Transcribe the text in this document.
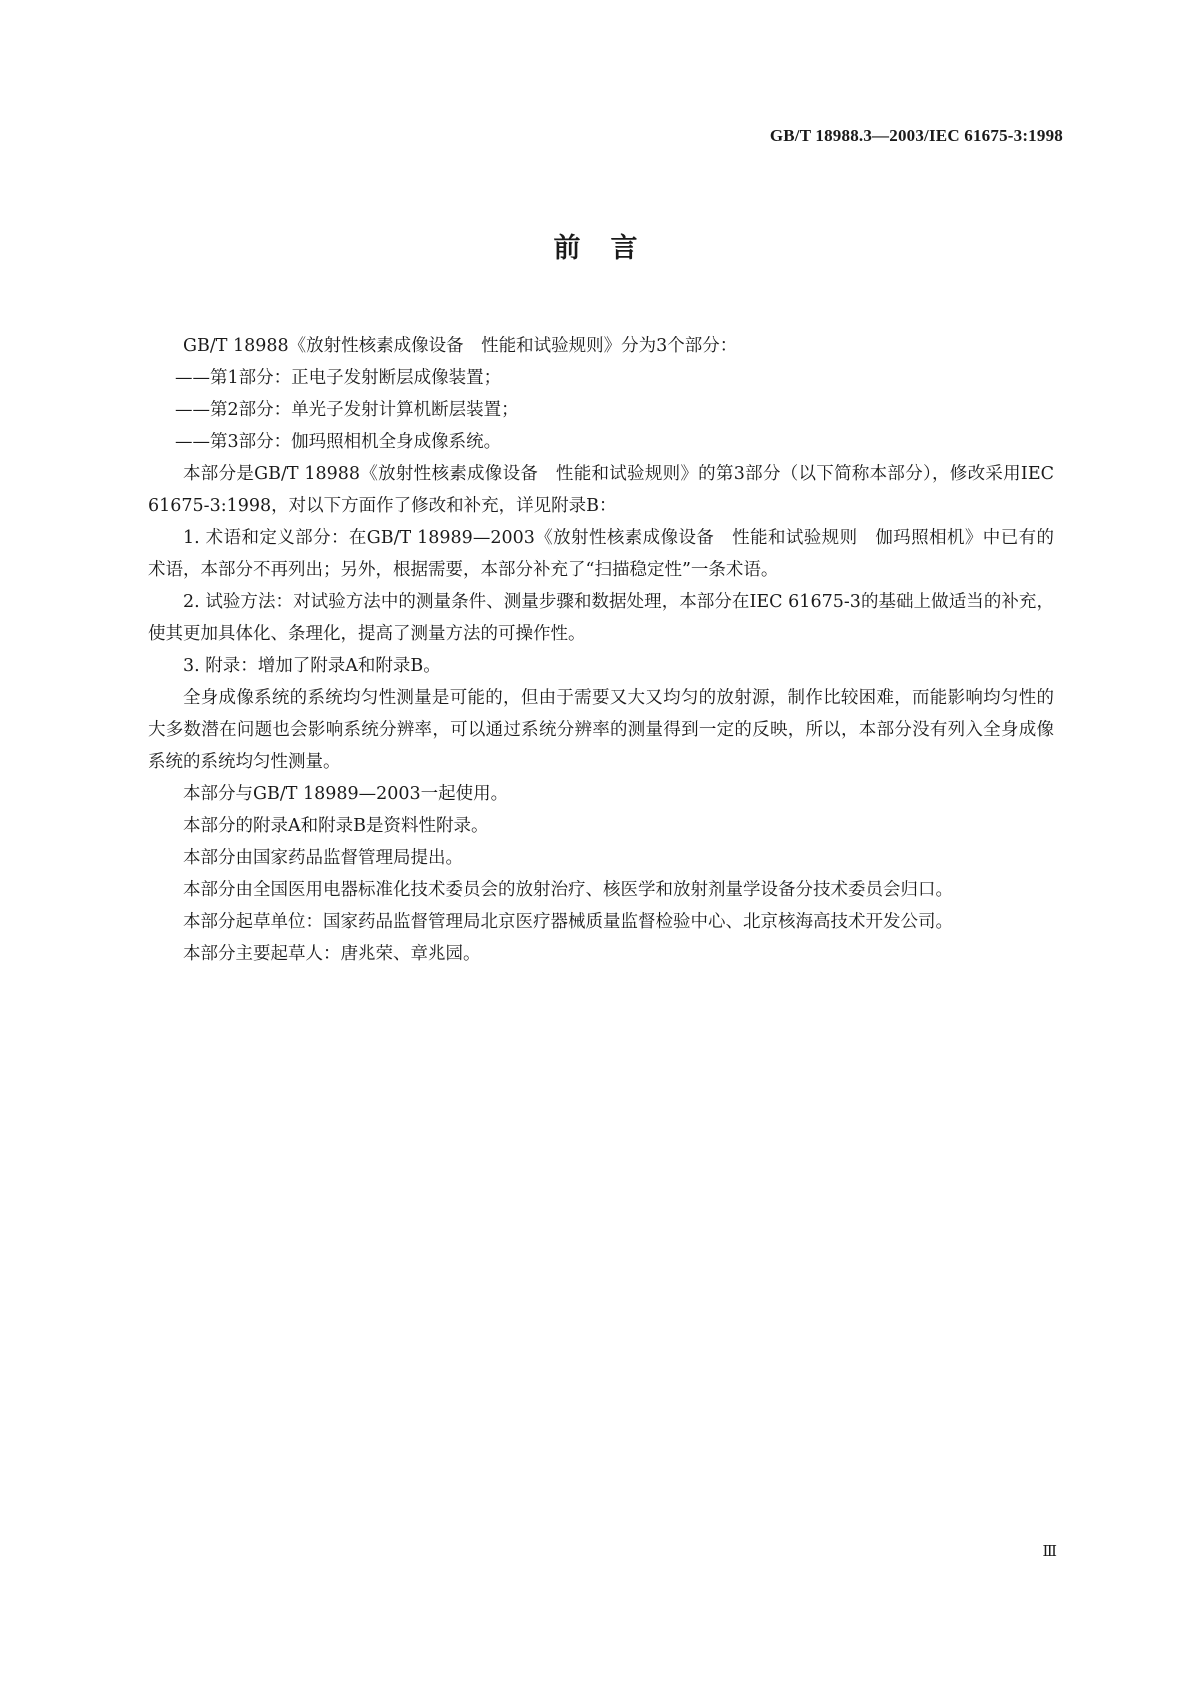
GB/T 18988.3—2003/IEC 61675-3:1998
前言

GB/T 18988《放射性核素成像设备　性能和试验规则》分为3个部分：

——第1部分：正电子发射断层成像装置；

——第2部分：单光子发射计算机断层装置；

——第3部分：伽玛照相机全身成像系统。

本部分是GB/T 18988《放射性核素成像设备　性能和试验规则》的第3部分（以下简称本部分），修改采用IEC 61675-3:1998，对以下方面作了修改和补充，详见附录B：

1. 术语和定义部分：在GB/T 18989—2003《放射性核素成像设备　性能和试验规则　伽玛照相机》中已有的术语，本部分不再列出；另外，根据需要，本部分补充了“扫描稳定性”一条术语。

2. 试验方法：对试验方法中的测量条件、测量步骤和数据处理，本部分在IEC 61675-3的基础上做适当的补充，使其更加具体化、条理化，提高了测量方法的可操作性。

3. 附录：增加了附录A和附录B。

全身成像系统的系统均匀性测量是可能的，但由于需要又大又均匀的放射源，制作比较困难，而能影响均匀性的大多数潜在问题也会影响系统分辨率，可以通过系统分辨率的测量得到一定的反映，所以，本部分没有列入全身成像系统的系统均匀性测量。

本部分与GB/T 18989—2003一起使用。

本部分的附录A和附录B是资料性附录。

本部分由国家药品监督管理局提出。

本部分由全国医用电器标准化技术委员会的放射治疗、核医学和放射剂量学设备分技术委员会归口。

本部分起草单位：国家药品监督管理局北京医疗器械质量监督检验中心、北京核海高技术开发公司。

本部分主要起草人：唐兆荣、章兆园。

Ⅲ
